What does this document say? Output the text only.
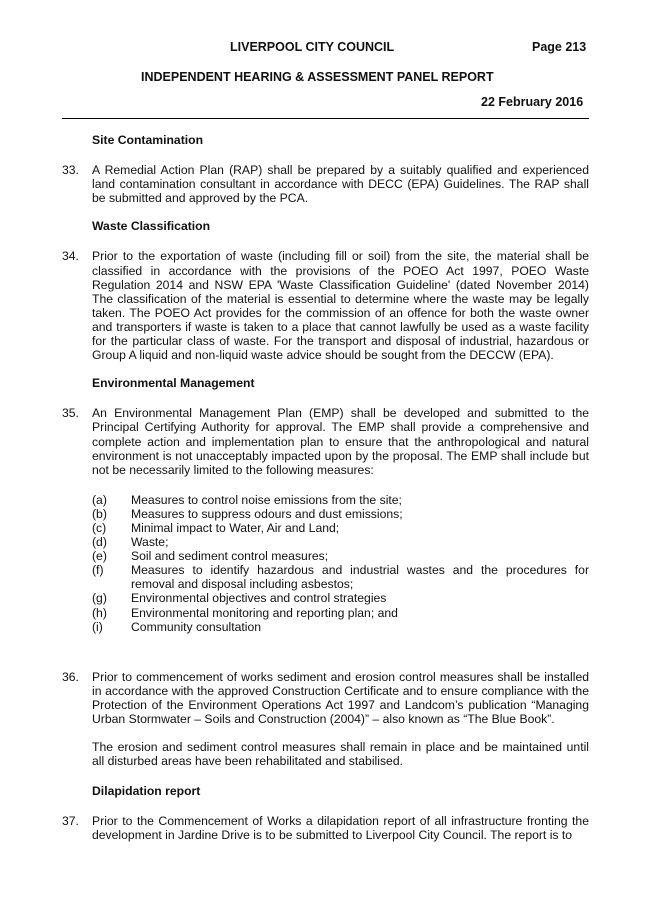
LIVERPOOL CITY COUNCIL	Page 213
INDEPENDENT HEARING & ASSESSMENT PANEL REPORT
22 February 2016
Site Contamination
33.	A Remedial Action Plan (RAP) shall be prepared by a suitably qualified and experienced land contamination consultant in accordance with DECC (EPA) Guidelines. The RAP shall be submitted and approved by the PCA.
Waste Classification
34.	Prior to the exportation of waste (including fill or soil) from the site, the material shall be classified in accordance with the provisions of the POEO Act 1997, POEO Waste Regulation 2014 and NSW EPA 'Waste Classification Guideline' (dated November 2014) The classification of the material is essential to determine where the waste may be legally taken. The POEO Act provides for the commission of an offence for both the waste owner and transporters if waste is taken to a place that cannot lawfully be used as a waste facility for the particular class of waste. For the transport and disposal of industrial, hazardous or Group A liquid and non-liquid waste advice should be sought from the DECCW (EPA).
Environmental Management
35.	An Environmental Management Plan (EMP) shall be developed and submitted to the Principal Certifying Authority for approval. The EMP shall provide a comprehensive and complete action and implementation plan to ensure that the anthropological and natural environment is not unacceptably impacted upon by the proposal. The EMP shall include but not be necessarily limited to the following measures:
(a)	Measures to control noise emissions from the site;
(b)	Measures to suppress odours and dust emissions;
(c)	Minimal impact to Water, Air and Land;
(d)	Waste;
(e)	Soil and sediment control measures;
(f)	Measures to identify hazardous and industrial wastes and the procedures for removal and disposal including asbestos;
(g)	Environmental objectives and control strategies
(h)	Environmental monitoring and reporting plan; and
(i)	Community consultation
36.	Prior to commencement of works sediment and erosion control measures shall be installed in accordance with the approved Construction Certificate and to ensure compliance with the Protection of the Environment Operations Act 1997 and Landcom’s publication “Managing Urban Stormwater – Soils and Construction (2004)” – also known as “The Blue Book”.
The erosion and sediment control measures shall remain in place and be maintained until all disturbed areas have been rehabilitated and stabilised.
Dilapidation report
37.	Prior to the Commencement of Works a dilapidation report of all infrastructure fronting the development in Jardine Drive is to be submitted to Liverpool City Council. The report is to
